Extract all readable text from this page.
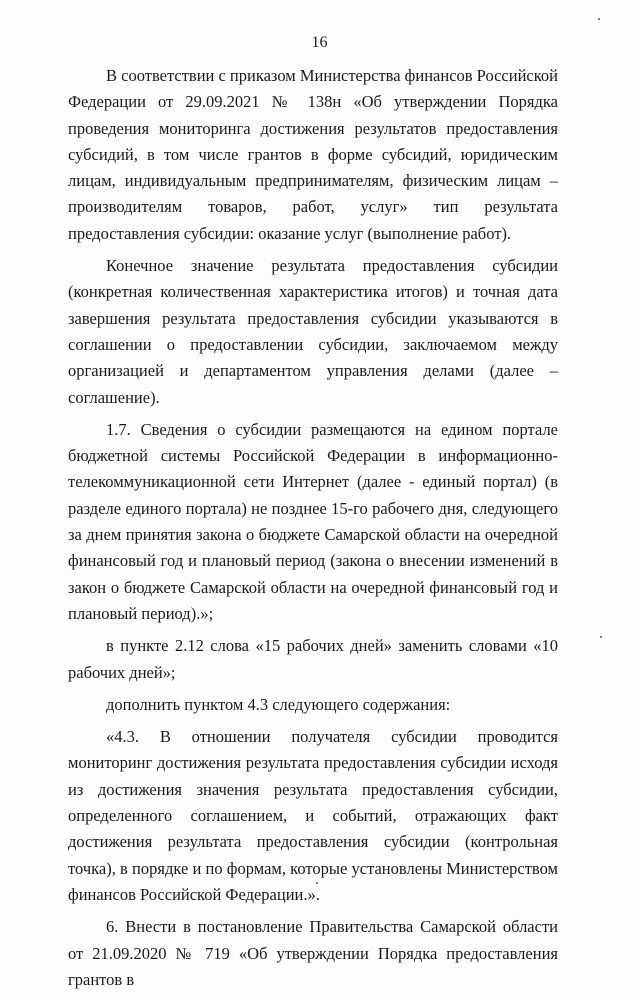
16

В соответствии с приказом Министерства финансов Российской Федерации от 29.09.2021 № 138н «Об утверждении Порядка проведения мониторинга достижения результатов предоставления субсидий, в том числе грантов в форме субсидий, юридическим лицам, индивидуальным предпринимателям, физическим лицам – производителям товаров, работ, услуг» тип результата предоставления субсидии: оказание услуг (выполнение работ).

Конечное значение результата предоставления субсидии (конкретная количественная характеристика итогов) и точная дата завершения результата предоставления субсидии указываются в соглашении о предоставлении субсидии, заключаемом между организацией и департаментом управления делами (далее – соглашение).

1.7. Сведения о субсидии размещаются на едином портале бюджетной системы Российской Федерации в информационно-телекоммуникационной сети Интернет (далее - единый портал) (в разделе единого портала) не позднее 15-го рабочего дня, следующего за днем принятия закона о бюджете Самарской области на очередной финансовый год и плановый период (закона о внесении изменений в закон о бюджете Самарской области на очередной финансовый год и плановый период).»;

в пункте 2.12 слова «15 рабочих дней» заменить словами «10 рабочих дней»;

дополнить пунктом 4.3 следующего содержания:

«4.3. В отношении получателя субсидии проводится мониторинг достижения результата предоставления субсидии исходя из достижения значения результата предоставления субсидии, определенного соглашением, и событий, отражающих факт достижения результата предоставления субсидии (контрольная точка), в порядке и по формам, которые установлены Министерством финансов Российской Федерации.».

6. Внести в постановление Правительства Самарской области от 21.09.2020 № 719 «Об утверждении Порядка предоставления грантов в
